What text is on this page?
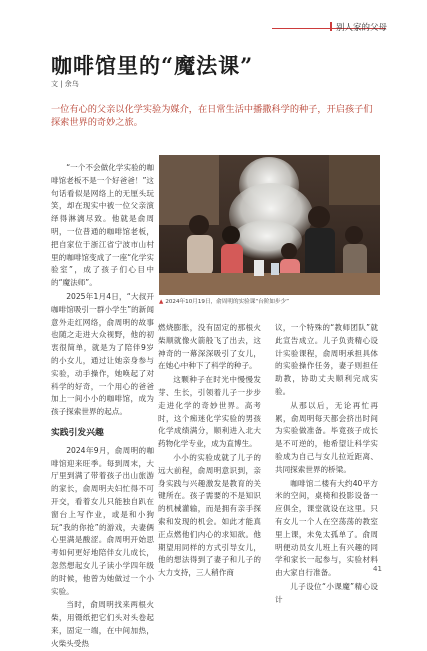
别人家的父母
咖啡馆里的“魔法课”
文 | 余乌
一位有心的父亲以化学实验为媒介，在日常生活中播撒科学的种子，开启孩子们探索世界的奇妙之旅。

“一个不会做化学实验的咖啡馆老板不是一个好爸爸！”这句话看似是网络上的无厘头玩笑，却在现实中被一位父亲演绎得淋漓尽致。他就是俞周明，一位普通的咖啡馆老板，把自家位于浙江省宁波市山村里的咖啡馆变成了一座“化学实验室”，成了孩子们心目中的“魔法师”。

2025年1月4日，“大叔开咖啡馆吸引一群小学生”的新闻意外走红网络，俞周明的故事也随之走进大众视野，他的初衷很简单，就是为了陪伴9岁的小女儿，通过让她亲身参与实验，动手操作，她唤起了对科学的好奇，一个用心的爸爸加上一间小小的咖啡馆，成为孩子探索世界的起点。

实践引发兴趣

2024年9月，俞周明的咖啡馆迎来旺季。每到周末，大厅里到满了带着孩子出山旅游的家长，俞周明夫妇忙得不可开交，看着女儿只能独自趴在窗台上写作业，或是和小狗玩“我的你抢”的游戏，夫妻俩心里满是酸涩。俞周明开始思考如何更好地陪伴女儿成长，忽然想起女儿子读小学四年级的时候，他曾为她做过一个小实验。

当时，俞周明找来两根火柴，用镊纸把它们头对头卷起来，固定一端，在中间加热，火柴头受热

▲ 2024年10月19日，俞周明的实验课“台阶如步少”

燃烧膨胀，没有固定的那根火柴顺就像火箭般飞了出去，这神奇的一幕深深吸引了女儿，在她心中种下了科学的种子。

这颗种子在时光中慢慢发芽、生长，引领着儿子一步步走进化学的奇妙世界。高考时，这个痴迷化学实验的男孩化学成绩满分，顺利进入北大药物化学专业，成为直博生。

小小的实验成就了儿子的远大前程，俞周明意识到，亲身实践与兴趣激发是教育的关键所在。孩子需要的不是知识的机械灌输，而是拥有亲手探索和发现的机会。如此才能真正点燃他们内心的求知欲。他期望用同样的方式引导女儿，他的想法得到了妻子和儿子的大力支持，三人稍作商

议，一个特殊的“教师团队”就此宣告成立。儿子负责精心设计实验课程，俞周明承担具体的实验操作任务，妻子则担任助教，协助丈夫顺利完成实验。

从那以后，无论再忙再累，俞周明每天都会挤出时间为实验做准备。毕竟孩子成长是不可逆的，他希望让科学实验成为自己与女儿拉近距离、共同探索世界的桥梁。

咖啡馆二楼有大约40平方米的空间，桌椅和投影设备一应俱全，课堂就设在这里。只有女儿一个人在空荡荡的教室里上课，未免太孤单了。俞周明便动员女儿班上有兴趣的同学和家长一起参与，实验材料由大家自行准备。

儿子设位“小课魔”精心设计

41
